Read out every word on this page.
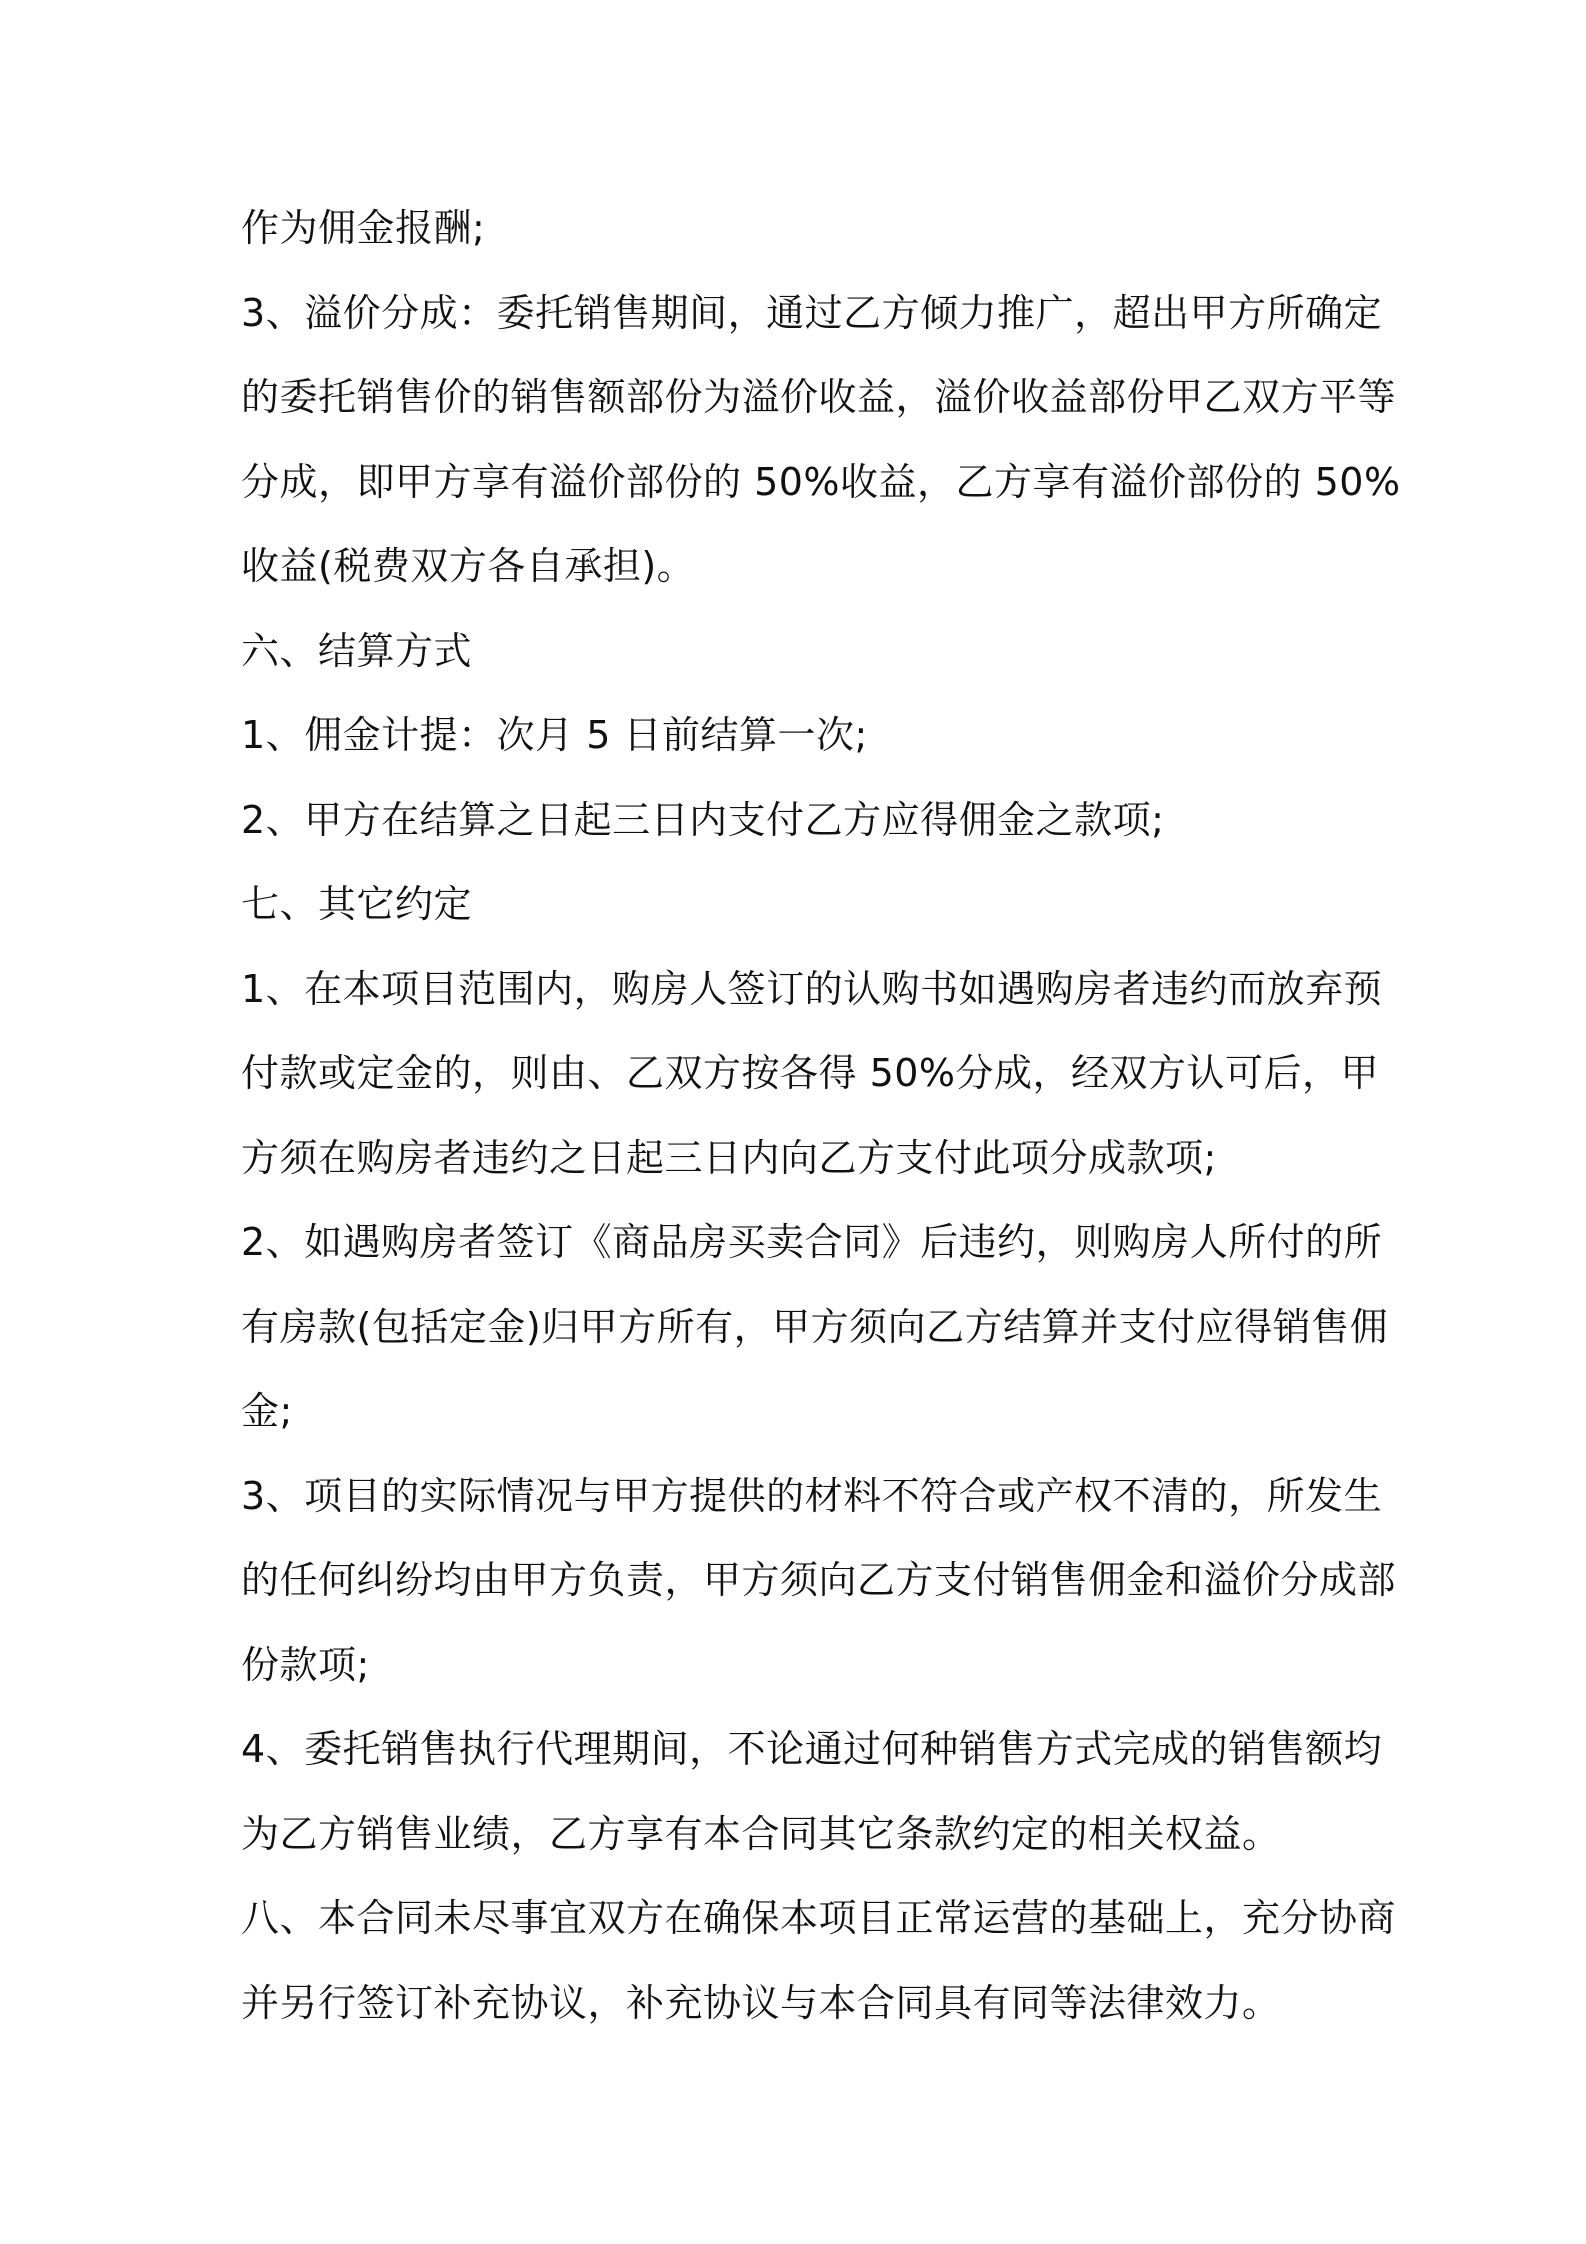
作为佣金报酬;
3、溢价分成：委托销售期间，通过乙方倾力推广，超出甲方所确定
的委托销售价的销售额部份为溢价收益，溢价收益部份甲乙双方平等
分成，即甲方享有溢价部份的 50%收益，乙方享有溢价部份的 50%
收益(税费双方各自承担)。
六、结算方式
1、佣金计提：次月 5 日前结算一次;
2、甲方在结算之日起三日内支付乙方应得佣金之款项;
七、其它约定
1、在本项目范围内，购房人签订的认购书如遇购房者违约而放弃预
付款或定金的，则由、乙双方按各得 50%分成，经双方认可后，甲
方须在购房者违约之日起三日内向乙方支付此项分成款项;
2、如遇购房者签订《商品房买卖合同》后违约，则购房人所付的所
有房款(包括定金)归甲方所有，甲方须向乙方结算并支付应得销售佣
金;
3、项目的实际情况与甲方提供的材料不符合或产权不清的，所发生
的任何纠纷均由甲方负责，甲方须向乙方支付销售佣金和溢价分成部
份款项;
4、委托销售执行代理期间，不论通过何种销售方式完成的销售额均
为乙方销售业绩，乙方享有本合同其它条款约定的相关权益。
八、本合同未尽事宜双方在确保本项目正常运营的基础上，充分协商
并另行签订补充协议，补充协议与本合同具有同等法律效力。
